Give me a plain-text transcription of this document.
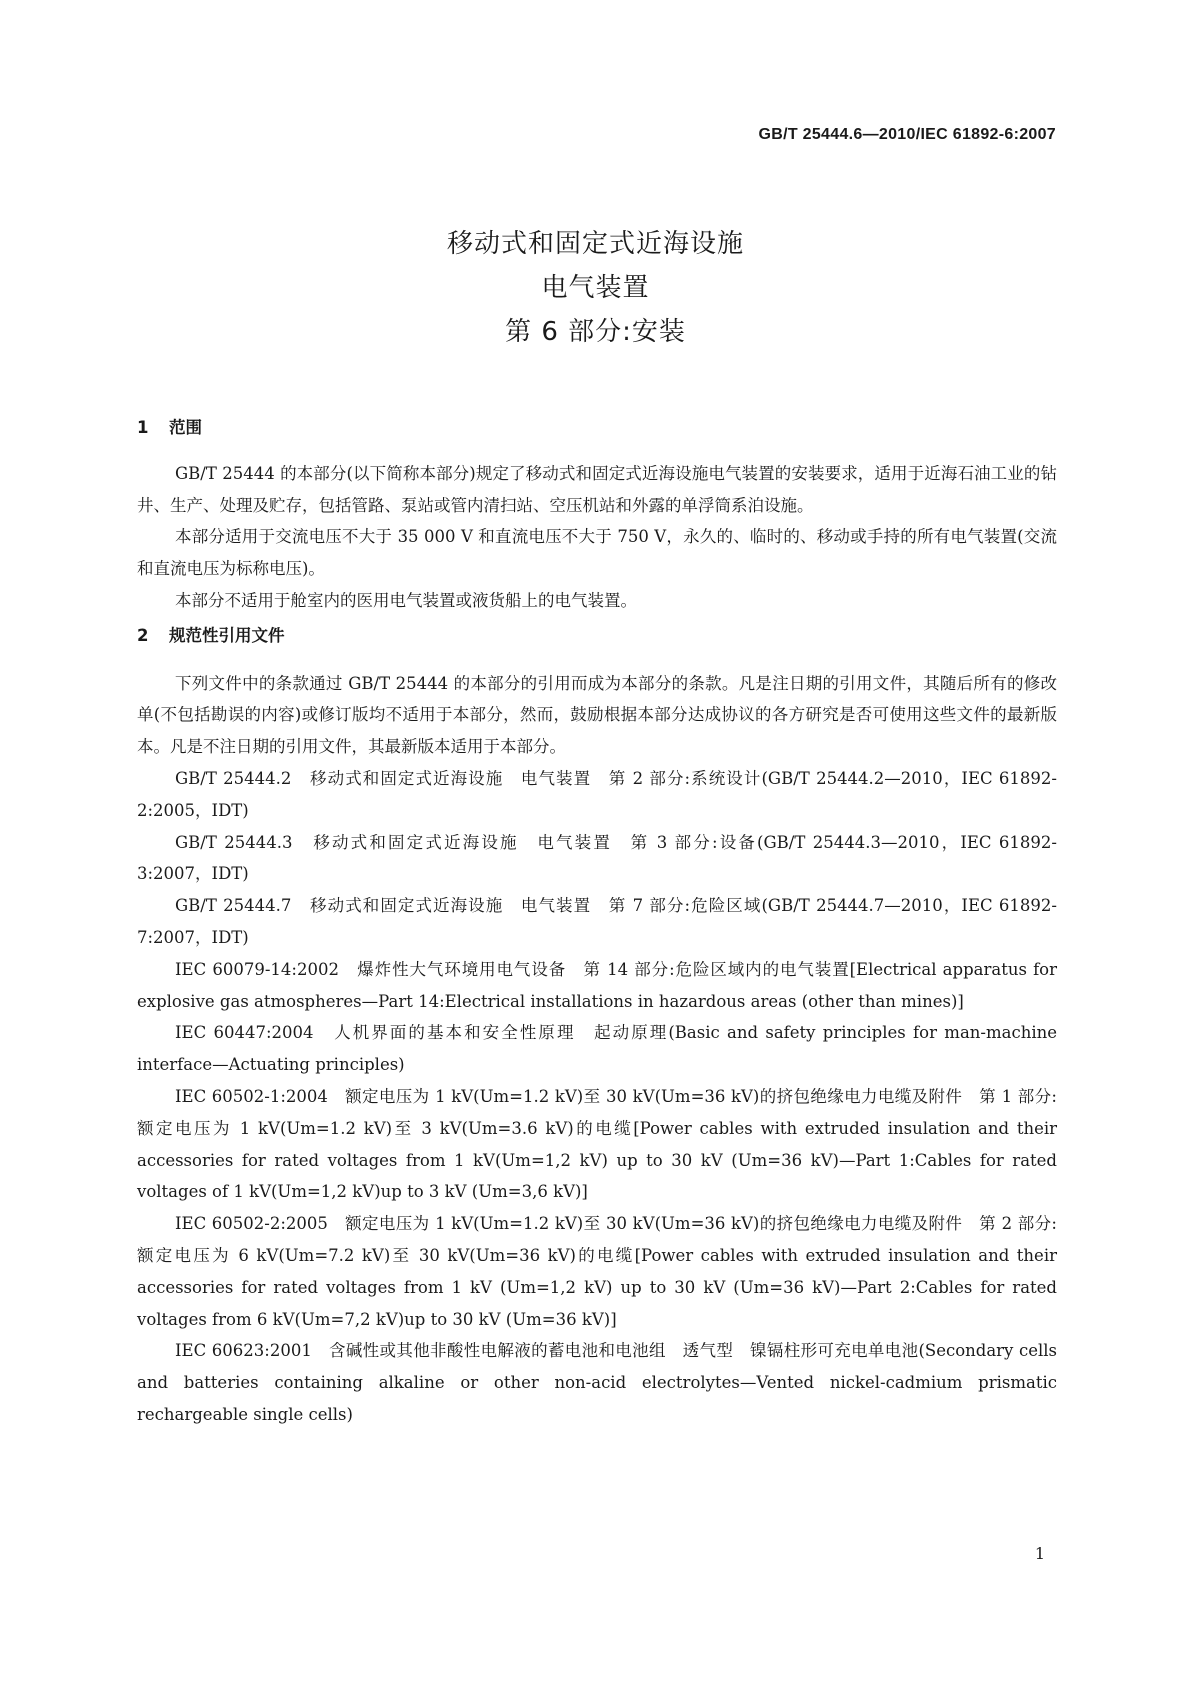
GB/T 25444.6—2010/IEC 61892-6:2007
移动式和固定式近海设施
电气装置
第 6 部分:安装
1 范围

GB/T 25444 的本部分(以下简称本部分)规定了移动式和固定式近海设施电气装置的安装要求，适用于近海石油工业的钻井、生产、处理及贮存，包括管路、泵站或管内清扫站、空压机站和外露的单浮筒系泊设施。

本部分适用于交流电压不大于 35 000 V 和直流电压不大于 750 V，永久的、临时的、移动或手持的所有电气装置(交流和直流电压为标称电压)。

本部分不适用于舱室内的医用电气装置或液货船上的电气装置。

2 规范性引用文件

下列文件中的条款通过 GB/T 25444 的本部分的引用而成为本部分的条款。凡是注日期的引用文件，其随后所有的修改单(不包括勘误的内容)或修订版均不适用于本部分，然而，鼓励根据本部分达成协议的各方研究是否可使用这些文件的最新版本。凡是不注日期的引用文件，其最新版本适用于本部分。

GB/T 25444.2　移动式和固定式近海设施　电气装置　第 2 部分:系统设计(GB/T 25444.2—2010，IEC 61892-2:2005，IDT)

GB/T 25444.3　移动式和固定式近海设施　电气装置　第 3 部分:设备(GB/T 25444.3—2010，IEC 61892-3:2007，IDT)

GB/T 25444.7　移动式和固定式近海设施　电气装置　第 7 部分:危险区域(GB/T 25444.7—2010，IEC 61892-7:2007，IDT)

IEC 60079-14:2002　爆炸性大气环境用电气设备　第 14 部分:危险区域内的电气装置[Electrical apparatus for explosive gas atmospheres—Part 14:Electrical installations in hazardous areas (other than mines)]

IEC 60447:2004　人机界面的基本和安全性原理　起动原理(Basic and safety principles for man-machine interface—Actuating principles)

IEC 60502-1:2004　额定电压为 1 kV(Um=1.2 kV)至 30 kV(Um=36 kV)的挤包绝缘电力电缆及附件　第 1 部分:额定电压为 1 kV(Um=1.2 kV)至 3 kV(Um=3.6 kV)的电缆[Power cables with extruded insulation and their accessories for rated voltages from 1 kV(Um=1,2 kV) up to 30 kV (Um=36 kV)—Part 1:Cables for rated voltages of 1 kV(Um=1,2 kV)up to 3 kV (Um=3,6 kV)]

IEC 60502-2:2005　额定电压为 1 kV(Um=1.2 kV)至 30 kV(Um=36 kV)的挤包绝缘电力电缆及附件　第 2 部分:额定电压为 6 kV(Um=7.2 kV)至 30 kV(Um=36 kV)的电缆[Power cables with extruded insulation and their accessories for rated voltages from 1 kV (Um=1,2 kV) up to 30 kV (Um=36 kV)—Part 2:Cables for rated voltages from 6 kV(Um=7,2 kV)up to 30 kV (Um=36 kV)]

IEC 60623:2001　含碱性或其他非酸性电解液的蓄电池和电池组　透气型　镍镉柱形可充电单电池(Secondary cells and batteries containing alkaline or other non-acid electrolytes—Vented nickel-cadmium prismatic rechargeable single cells)

1
